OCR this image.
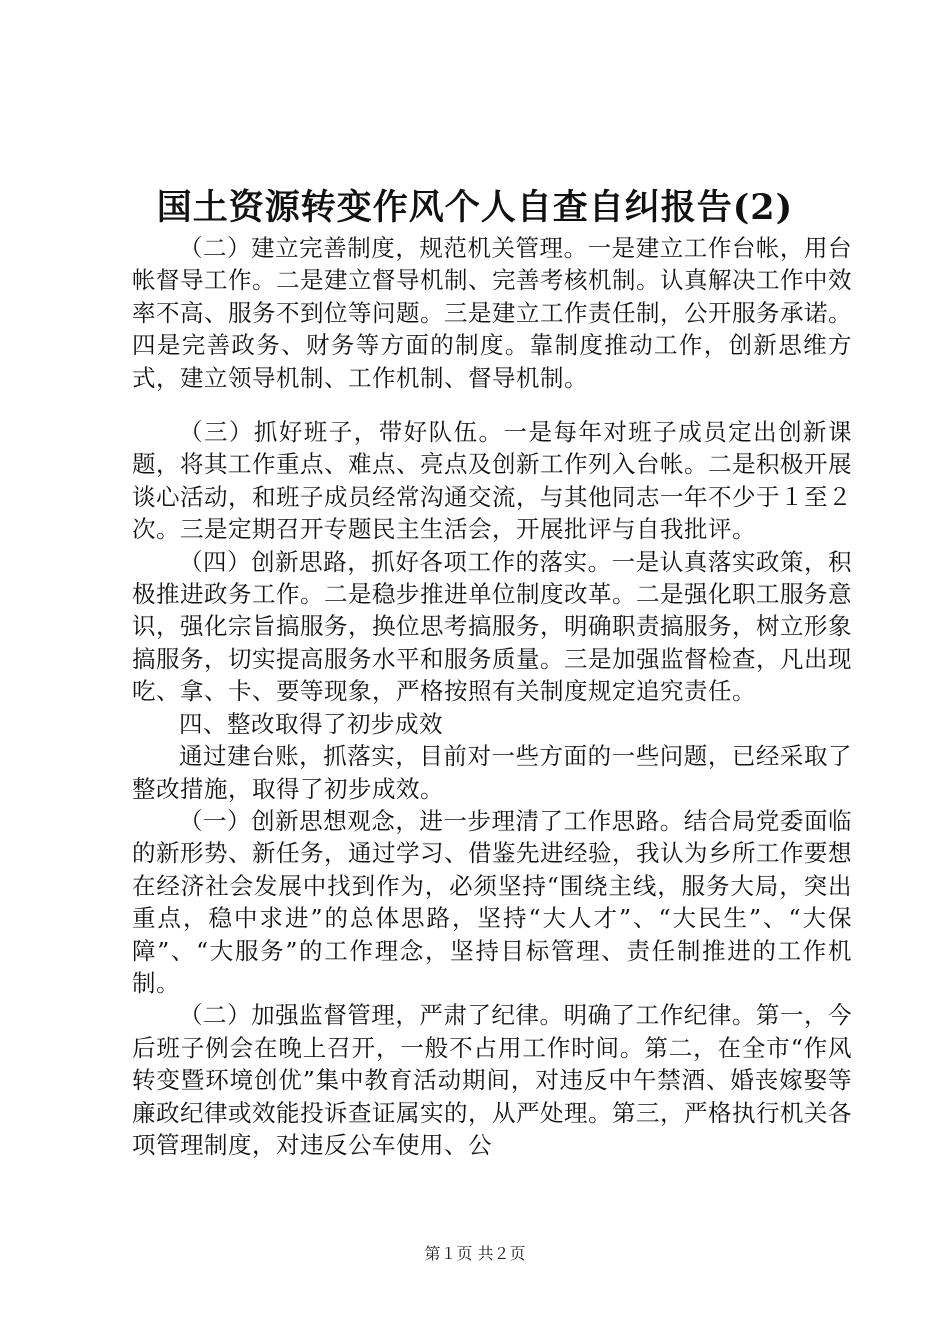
国土资源转变作风个人自查自纠报告(2)

（二）建立完善制度，规范机关管理。一是建立工作台帐，用台帐督导工作。二是建立督导机制、完善考核机制。认真解决工作中效率不高、服务不到位等问题。三是建立工作责任制，公开服务承诺。四是完善政务、财务等方面的制度。靠制度推动工作，创新思维方式，建立领导机制、工作机制、督导机制。

（三）抓好班子，带好队伍。一是每年对班子成员定出创新课题，将其工作重点、难点、亮点及创新工作列入台帐。二是积极开展谈心活动，和班子成员经常沟通交流，与其他同志一年不少于１至２次。三是定期召开专题民主生活会，开展批评与自我批评。

（四）创新思路，抓好各项工作的落实。一是认真落实政策，积极推进政务工作。二是稳步推进单位制度改革。二是强化职工服务意识，强化宗旨搞服务，换位思考搞服务，明确职责搞服务，树立形象搞服务，切实提高服务水平和服务质量。三是加强监督检查，凡出现吃、拿、卡、要等现象，严格按照有关制度规定追究责任。

四、整改取得了初步成效

通过建台账，抓落实，目前对一些方面的一些问题，已经采取了整改措施，取得了初步成效。

（一）创新思想观念，进一步理清了工作思路。结合局党委面临的新形势、新任务，通过学习、借鉴先进经验，我认为乡所工作要想在经济社会发展中找到作为，必须坚持“围绕主线，服务大局，突出重点，稳中求进”的总体思路，坚持“大人才”、“大民生”、“大保障”、“大服务”的工作理念，坚持目标管理、责任制推进的工作机制。

（二）加强监督管理，严肃了纪律。明确了工作纪律。第一，今后班子例会在晚上召开，一般不占用工作时间。第二，在全市“作风转变暨环境创优”集中教育活动期间，对违反中午禁酒、婚丧嫁娶等廉政纪律或效能投诉查证属实的，从严处理。第三，严格执行机关各项管理制度，对违反公车使用、公

第１页 共２页
